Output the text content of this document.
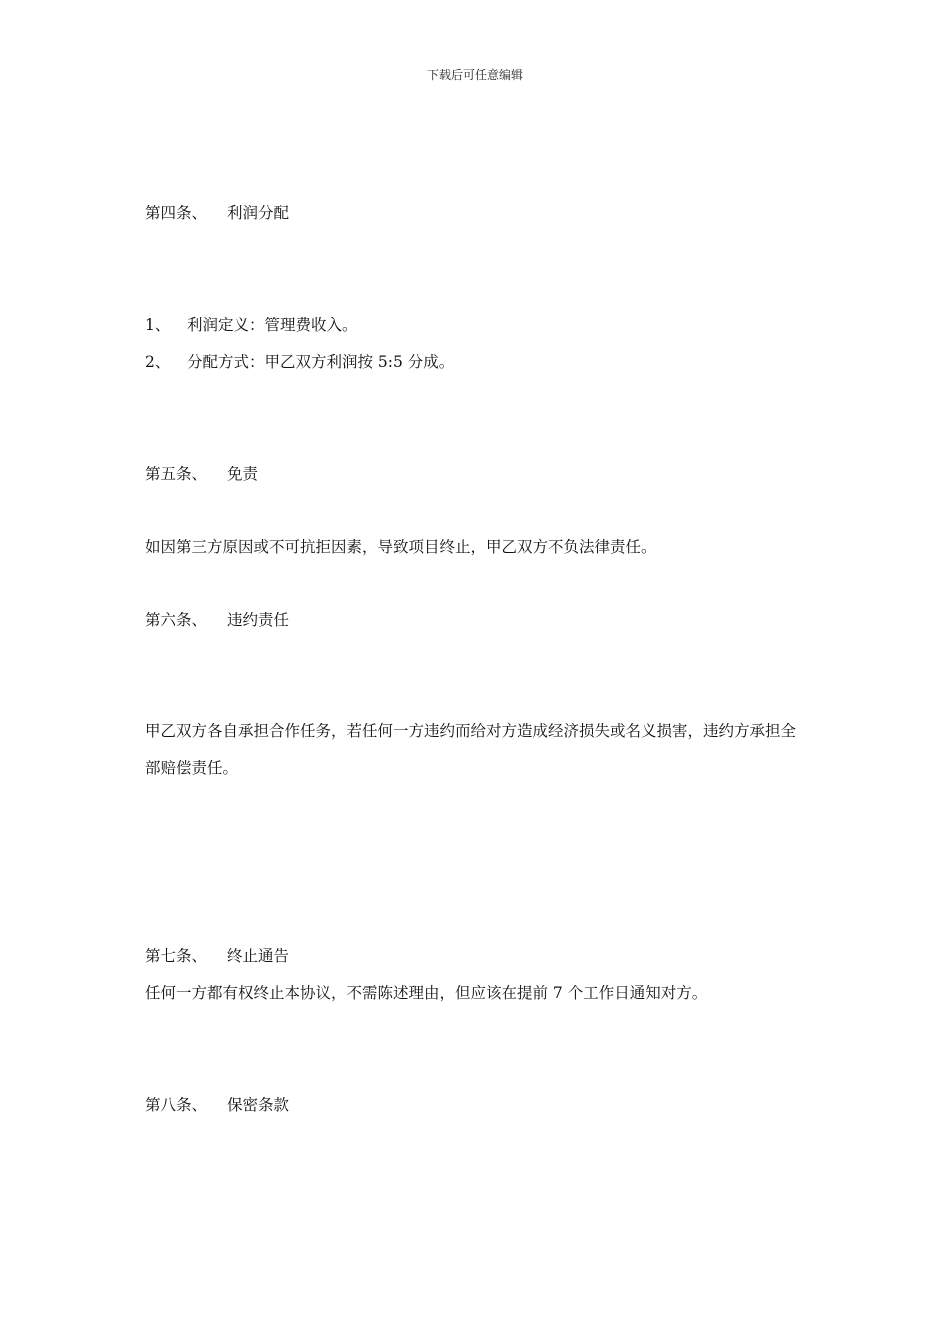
下载后可任意编辑
第四条、 利润分配
1、 利润定义：管理费收入。
2、 分配方式：甲乙双方利润按 5:5 分成。
第五条、 免责
如因第三方原因或不可抗拒因素，导致项目终止，甲乙双方不负法律责任。
第六条、 违约责任
甲乙双方各自承担合作任务，若任何一方违约而给对方造成经济损失或名义损害，违约方承担全部赔偿责任。
第七条、 终止通告
任何一方都有权终止本协议，不需陈述理由，但应该在提前 7 个工作日通知对方。
第八条、 保密条款
